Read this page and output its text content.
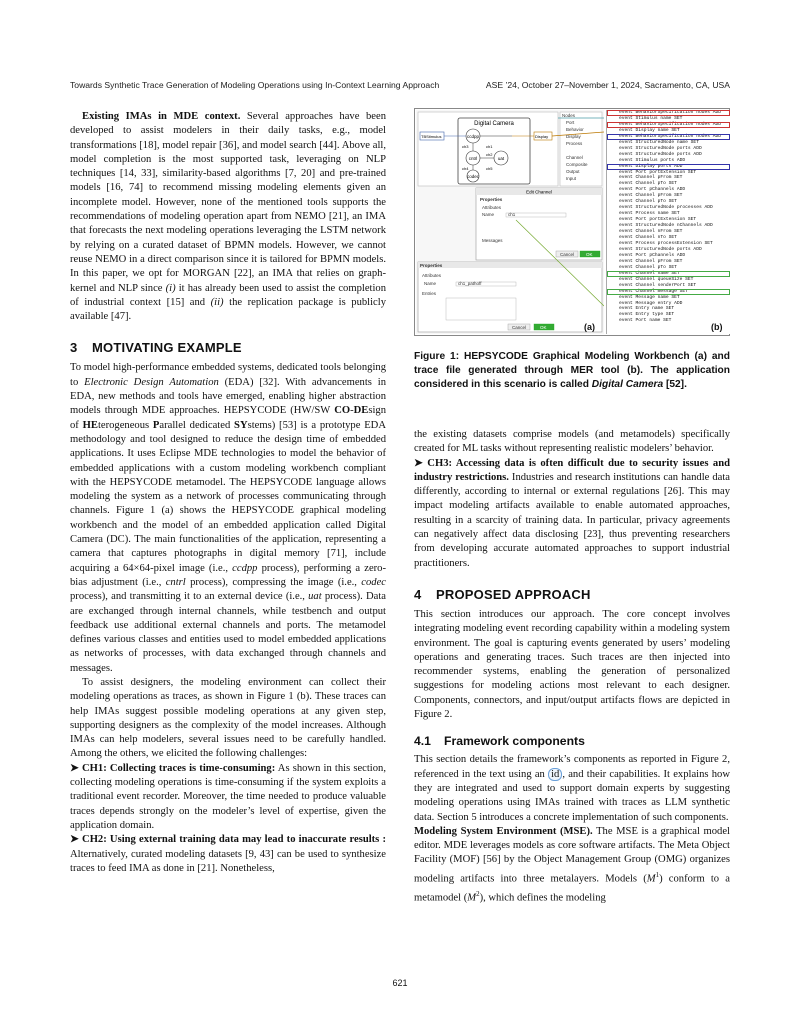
Towards Synthetic Trace Generation of Modeling Operations using In-Context Learning Approach	ASE ’24, October 27–November 1, 2024, Sacramento, CA, USA

Existing IMAs in MDE context. Several approaches have been developed to assist modelers in their daily tasks, e.g., model transformations [18], model repair [36], and model search [44]. Above all, model completion is the most supported task, leveraging on NLP techniques [14, 33], similarity-based algorithms [7, 20] and pre-trained models [16, 74] to recommend missing modeling elements given an incomplete model. However, none of the mentioned tools supports the recommendations of modeling operation apart from NEMO [21], an IMA that forecasts the next modeling operations leveraging the LSTM network by relying on a curated dataset of BPMN models. However, we cannot reuse NEMO in a direct comparison since it is tailored for BPMN models. In this paper, we opt for MORGAN [22], an IMA that relies on graph-kernel and NLP since (i) it has already been used to assist the completion of industrial context [15] and (ii) the replication package is publicly available [47].

3 MOTIVATING EXAMPLE

To model high-performance embedded systems, dedicated tools belonging to Electronic Design Automation (EDA) [32]. With advancements in EDA, new methods and tools have emerged, enabling higher abstraction models through MDE approaches. HEPSYCODE (HW/SW CO-DEsign of HEterogeneous Parallel dedicated SYstems) [53] is a prototype EDA methodology and tool designed to reduce the design time of embedded applications. It uses Eclipse MDE technologies to model the behavior of embedded applications with a custom modeling workbench compliant with the HEPSYCODE metamodel. The HEPSYCODE language allows modeling the system as a network of processes communicating through channels. Figure 1 (a) shows the HEPSYCODE graphical modeling workbench and the model of an embedded application called Digital Camera (DC). The main functionalities of the application, representing a camera that captures photographs in digital memory [71], include acquiring a 64×64-pixel image (i.e., ccdpp process), performing a zero-bias adjustment (i.e., cntrl process), compressing the image (i.e., codec process), and transmitting it to an external device (i.e., uat process). Data are exchanged through internal channels, while testbench and output feedback use additional external channels and ports. The metamodel defines various classes and entities used to model embedded applications as networks of processes, with data exchanged through channels and messages.

To assist designers, the modeling environment can collect their modeling operations as traces, as shown in Figure 1 (b). These traces can help IMAs suggest possible modeling operations at any given step, supporting designers as the complexity of the model increases. Although IMAs can help modelers, several issues need to be carefully handled. Among the others, we elicited the following challenges:

➤ CH1: Collecting traces is time-consuming: As shown in this section, collecting modeling operations is time-consuming if the system exploits a traditional event recorder. Moreover, the time needed to produce valuable traces depends strongly on the modeler’s level of expertise, given the application domain.

➤ CH2: Using external training data may lead to inaccurate results : Alternatively, curated modeling datasets [9, 43] can be used to synthesize traces to feed IMA as done in [21]. Nonetheless,

Digital Camera
ccdpp
cntrl	uat
codec
ch1
ch2
ch3
ch4	ch5
TBStimulus	Display
Edit Channel
Nodes
Port
Behavior
Display
Process
Channel
Composite
Output
Input
Properties
Attributes
Name	ch1
Messages
Cancel	OK
Properties
Attributes
Name	ch1_pathoff
Entries
Cancel	OK	(a)
event BehaviorSpecification nodes ADD
event Stimulus name SET
event BehaviorSpecification nodes ADD
event Display name SET
event BehaviorSpecification nodes ADD
event StructuredNode name SET
event StructuredNode ports ADD
event StructuredNode ports ADD
event Stimulus ports ADD
event Display ports ADD
event Port portExtension SET
event Channel pFrom SET
event Channel pTo SET
event Port pChannels ADD
event Channel pFrom SET
event Channel pTo SET
event StructuredNode processes ADD
event Process name SET
event Port portExtension SET
event StructuredNode nChannels ADD
event Channel nFrom SET
event Channel nTo SET
event Process processExtension SET
event StructuredNode ports ADD
event Port pChannels ADD
event Channel pFrom SET
event Channel pTo SET
event Channel name SET
event Channel queueSize SET
event Channel senderPort SET
event Channel message SET
event Message name SET
event Message entry ADD
event Entry name SET
event Entry type SET
event Port name SET
(b)
Figure 1: HEPSYCODE Graphical Modeling Workbench (a) and trace file generated through MER tool (b). The application considered in this scenario is called Digital Camera [52].

the existing datasets comprise models (and metamodels) specifically created for ML tasks without representing realistic modelers’ behavior.

➤ CH3: Accessing data is often difficult due to security issues and industry restrictions. Industries and research institutions can handle data differently, according to internal or external regulations [26]. This may impact modeling artifacts available to enable automated approaches, resulting in a scarcity of training data. In particular, privacy agreements can negatively affect data disclosing [23], thus preventing researchers from developing accurate automated approaches to support industrial practitioners.

4 PROPOSED APPROACH

This section introduces our approach. The core concept involves integrating modeling event recording capability within a modeling system environment. The goal is capturing events generated by users’ modeling operations and generating traces. Such traces are then injected into recommender systems, enabling the generation of personalized suggestions for modeling actions most relevant to each designer. Components, connectors, and input/output artifacts flows are depicted in Figure 2.

4.1 Framework components

This section details the framework’s components as reported in Figure 2, referenced in the text using an id , and their capabilities. It explains how they are integrated and used to support domain experts by suggesting modeling operations using IMAs trained with traces as LLM synthetic data. Section 5 introduces a concrete implementation of such components.

Modeling System Environment (MSE). The MSE is a graphical model editor. MDE leverages models as core software artifacts. The Meta Object Facility (MOF) [56] by the Object Management Group (OMG) organizes modeling artifacts into three metalayers. Models $(M^1)$ conform to a metamodel $(M^2)$, which defines the modeling

621
